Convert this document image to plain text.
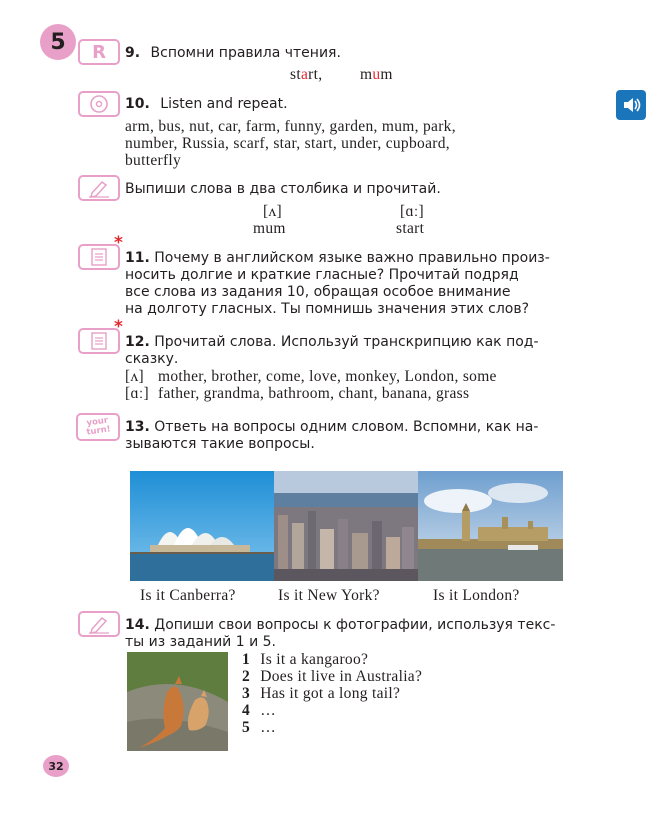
5 R 9. Вспомни правила чтения.
start, mum
10. Listen and repeat.
arm, bus, nut, car, farm, funny, garden, mum, park,
number, Russia, scarf, star, start, under, cupboard,
butterfly
Выпиши слова в два столбика и прочитай.
[ʌ]
mum
[ɑː]
start
*
11. Почему в английском языке важно правильно произ-
носить долгие и краткие гласные? Прочитай подряд
все слова из задания 10, обращая особое внимание
на долготу гласных. Ты помнишь значения этих слов?
*
12. Прочитай слова. Используй транскрипцию как под-
сказку.
[ʌ] mother, brother, come, love, monkey, London, some
[ɑː] father, grandma, bathroom, chant, banana, grass
your turn! 13. Ответь на вопросы одним словом. Вспомни, как на-
зываются такие вопросы.
Is it Canberra?	Is it New York?	Is it London?
14. Допиши свои вопросы к фотографии, используя текс-
ты из заданий 1 и 5.
1 Is it a kangaroo?
2 Does it live in Australia?
3 Has it got a long tail?
4 …
5 …
32
